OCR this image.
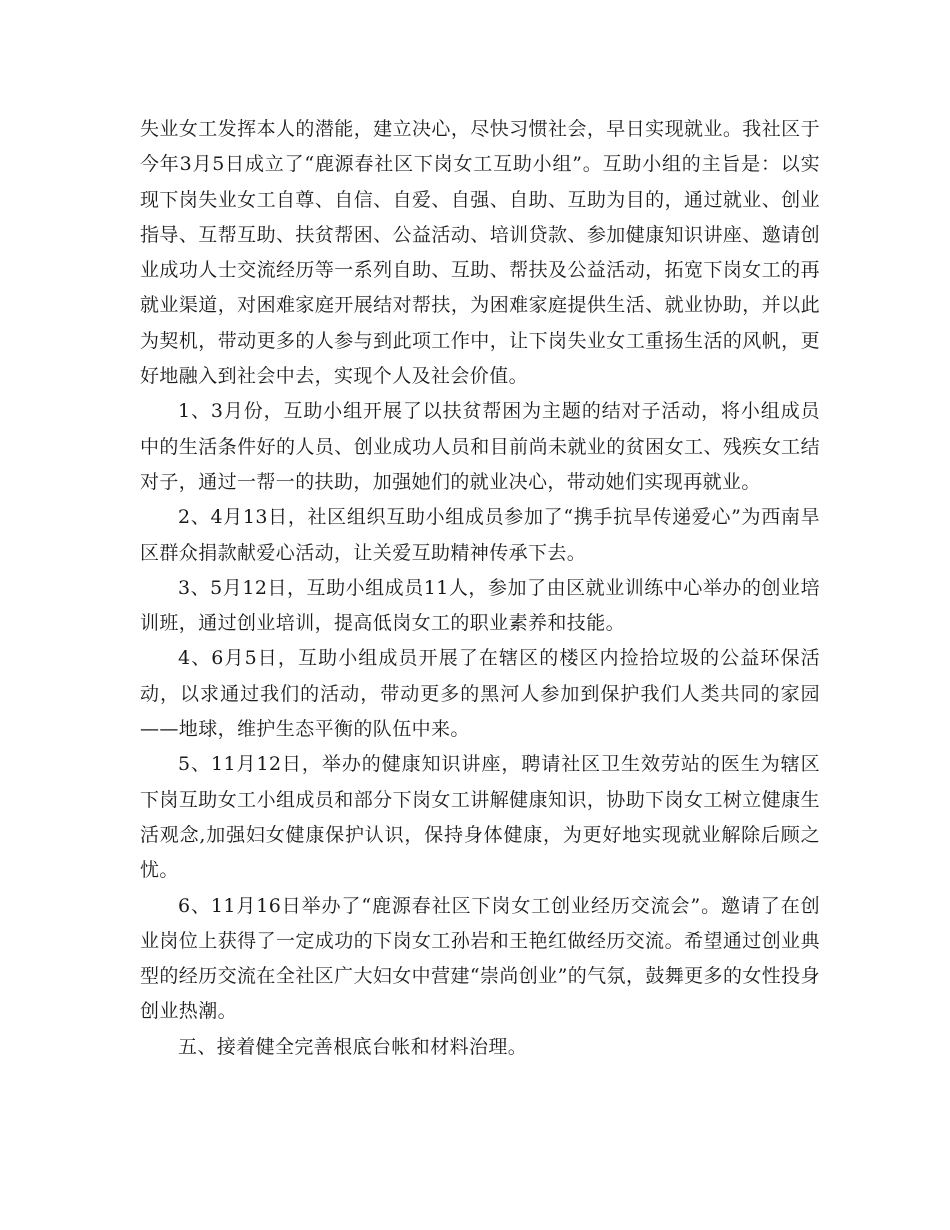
失业女工发挥本人的潜能，建立决心，尽快习惯社会，早日实现就业。我社区于今年3月5日成立了“鹿源春社区下岗女工互助小组”。互助小组的主旨是：以实现下岗失业女工自尊、自信、自爱、自强、自助、互助为目的，通过就业、创业指导、互帮互助、扶贫帮困、公益活动、培训贷款、参加健康知识讲座、邀请创业成功人士交流经历等一系列自助、互助、帮扶及公益活动，拓宽下岗女工的再就业渠道，对困难家庭开展结对帮扶，为困难家庭提供生活、就业协助，并以此为契机，带动更多的人参与到此项工作中，让下岗失业女工重扬生活的风帆，更好地融入到社会中去，实现个人及社会价值。

1、3月份，互助小组开展了以扶贫帮困为主题的结对子活动，将小组成员中的生活条件好的人员、创业成功人员和目前尚未就业的贫困女工、残疾女工结对子，通过一帮一的扶助，加强她们的就业决心，带动她们实现再就业。

2、4月13日，社区组织互助小组成员参加了“携手抗旱传递爱心”为西南旱区群众捐款献爱心活动，让关爱互助精神传承下去。

3、5月12日，互助小组成员11人，参加了由区就业训练中心举办的创业培训班，通过创业培训，提高低岗女工的职业素养和技能。

4、6月5日，互助小组成员开展了在辖区的楼区内捡拾垃圾的公益环保活动，以求通过我们的活动，带动更多的黑河人参加到保护我们人类共同的家园——地球，维护生态平衡的队伍中来。

5、11月12日，举办的健康知识讲座，聘请社区卫生效劳站的医生为辖区下岗互助女工小组成员和部分下岗女工讲解健康知识，协助下岗女工树立健康生活观念,加强妇女健康保护认识，保持身体健康，为更好地实现就业解除后顾之忧。

6、11月16日举办了“鹿源春社区下岗女工创业经历交流会”。邀请了在创业岗位上获得了一定成功的下岗女工孙岩和王艳红做经历交流。希望通过创业典型的经历交流在全社区广大妇女中营建“崇尚创业”的气氛，鼓舞更多的女性投身创业热潮。

五、接着健全完善根底台帐和材料治理。
